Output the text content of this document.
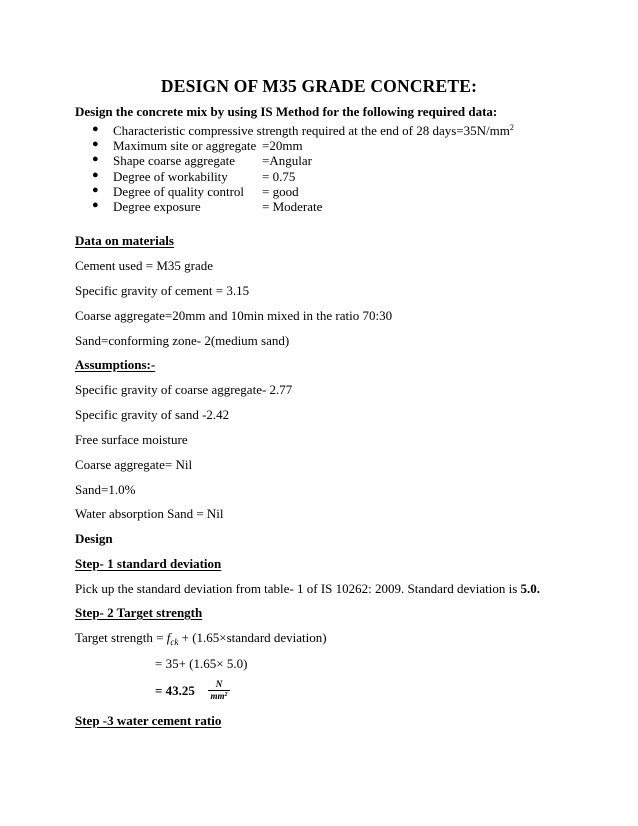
DESIGN OF M35 GRADE CONCRETE:
Design the concrete mix by using IS Method for the following required data:
● Characteristic compressive strength required at the end of 28 $days=35N/mm^2$
● Maximum site or aggregate =20mm
● Shape coarse aggregate =Angular
● Degree of workability	= 0.75
● Degree of quality control = good
● Degree exposure	= Moderate
Data on materials
Cement used = M35 grade
Specific gravity of cement = 3.15
Coarse aggregate=20mm and 10min mixed in the ratio 70:30
Sand=conforming zone- 2(medium sand)
Assumptions:-
Specific gravity of coarse aggregate- 2.77
Specific gravity of sand -2.42
Free surface moisture
Coarse aggregate= Nil
Sand=1.0%
Water absorption Sand = Nil
Design
Step- 1 standard deviation
Pick up the standard deviation from table- 1 of IS 10262: 2009. Standard deviation is 5.0.
Step- 2 Target strength
Target strength = $f_{ck}$ + (1.65×standard deviation)
= 35+ (1.65× 5.0)
= $43.25 \frac{N}{mm^2}$
Step -3 water cement ratio
